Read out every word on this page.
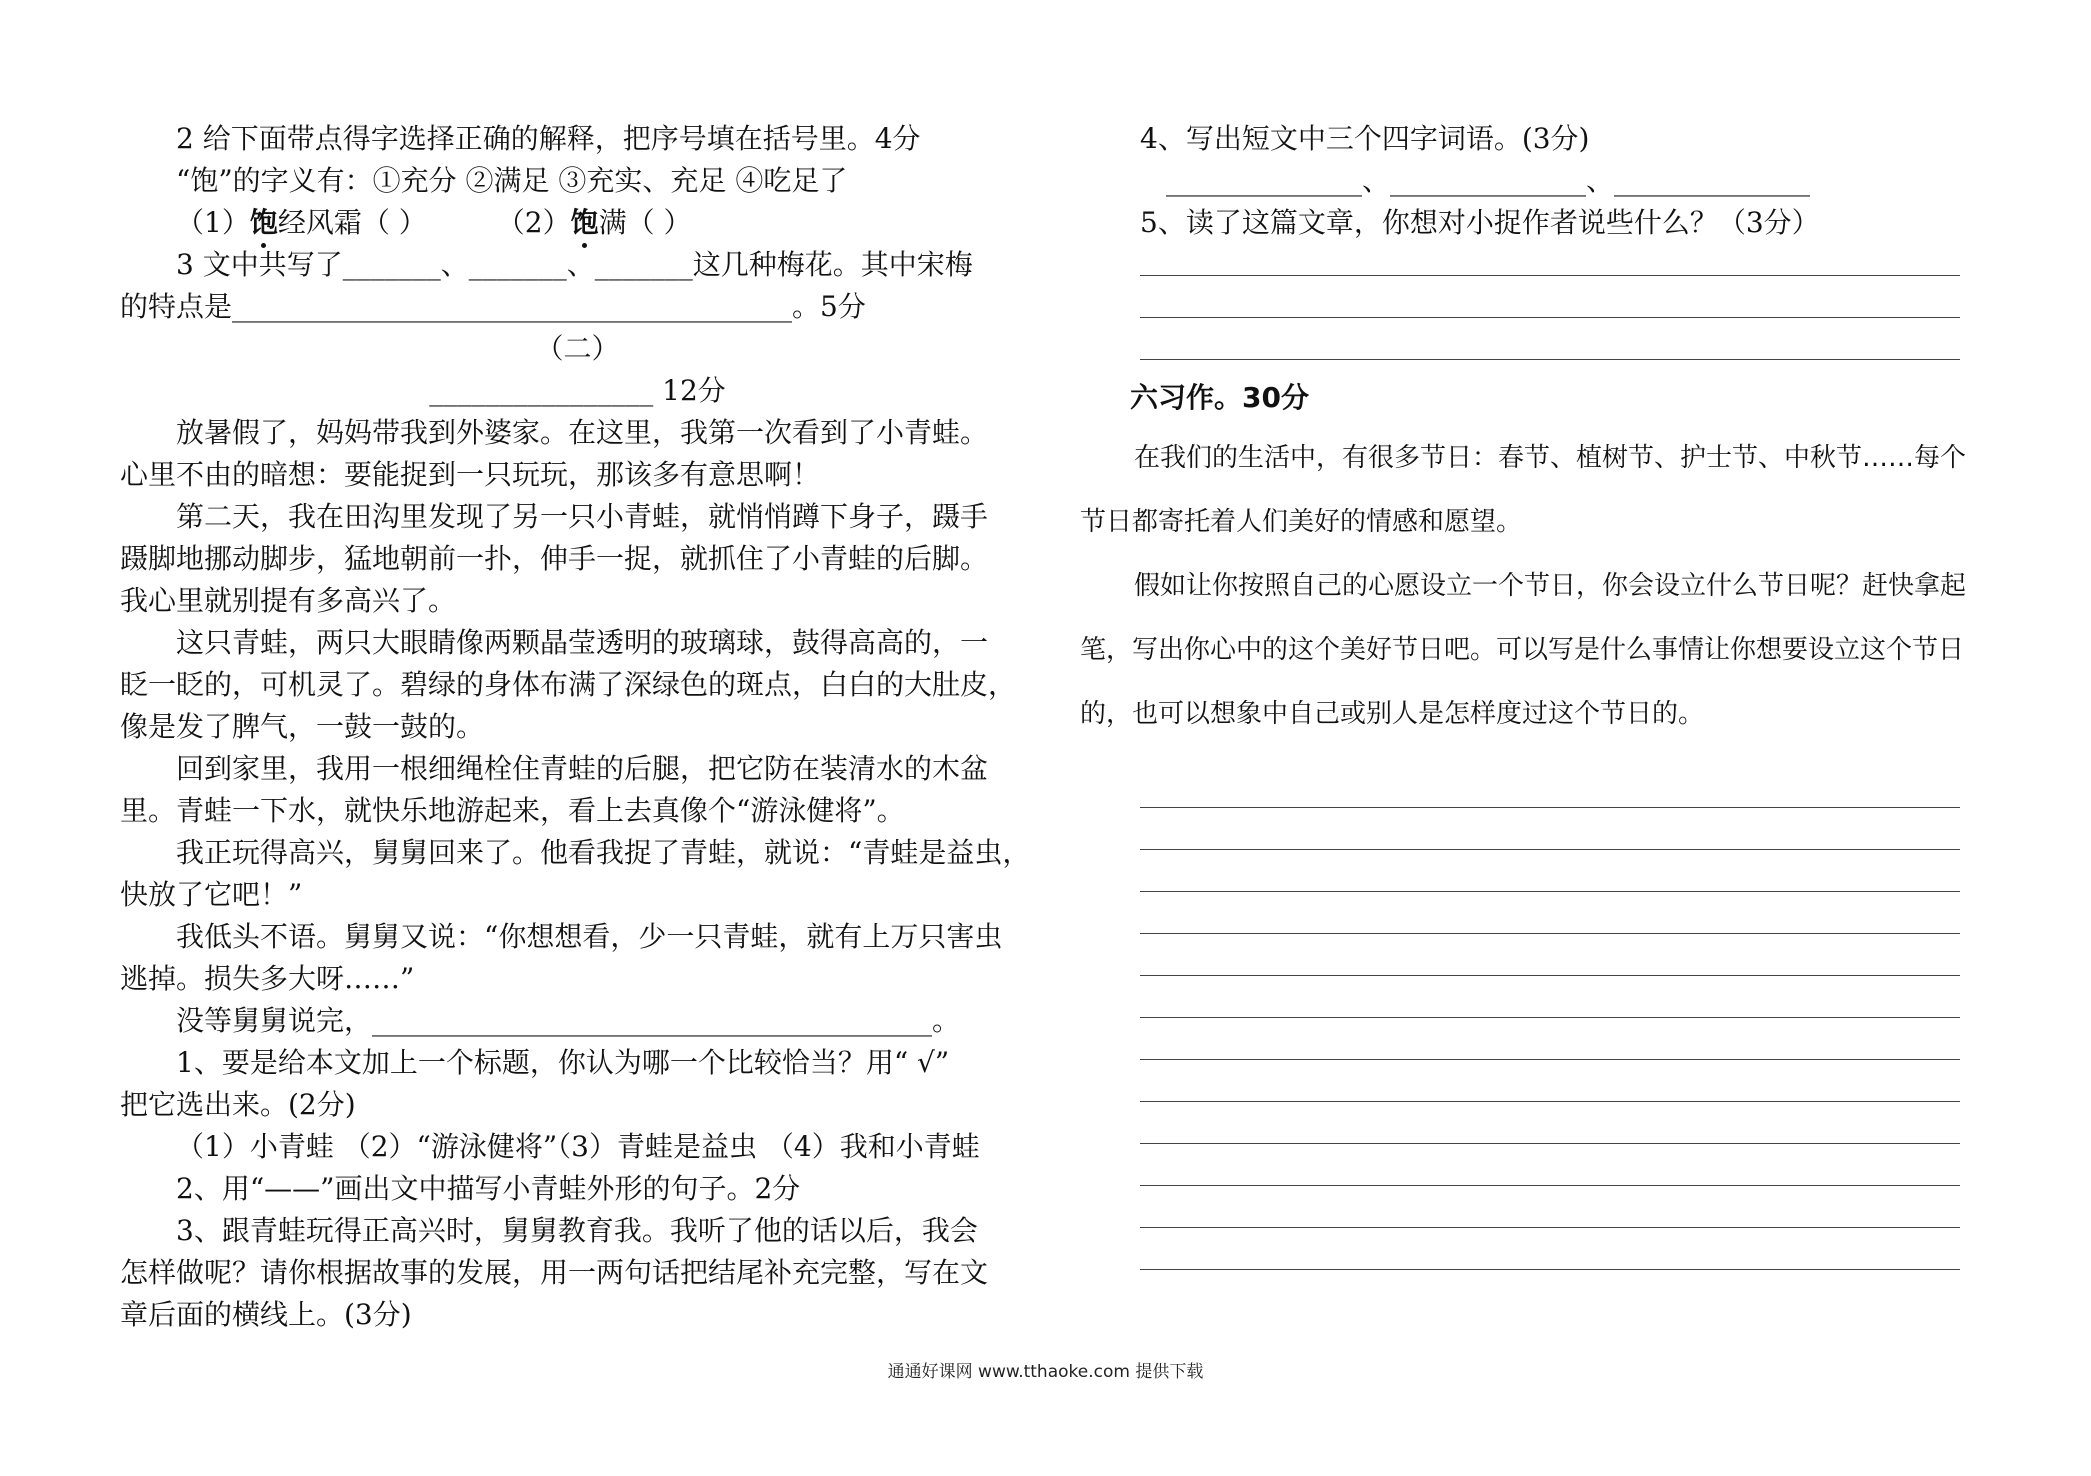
2 给下面带点得字选择正确的解释，把序号填在括号里。4分
“饱”的字义有：①充分 ②满足 ③充实、充足 ④吃足了
（1）饱经风霜（ ）	（2）饱满（ ）
3 文中共写了_______、_______、_______这几种梅花。其中宋梅
的特点是________________________________________。5分
（二）
________________ 12分
放暑假了，妈妈带我到外婆家。在这里，我第一次看到了小青蛙。
心里不由的暗想：要能捉到一只玩玩，那该多有意思啊！
第二天，我在田沟里发现了另一只小青蛙，就悄悄蹲下身子，蹑手
蹑脚地挪动脚步，猛地朝前一扑，伸手一捉，就抓住了小青蛙的后脚。
我心里就别提有多高兴了。
这只青蛙，两只大眼睛像两颗晶莹透明的玻璃球，鼓得高高的，一
眨一眨的，可机灵了。碧绿的身体布满了深绿色的斑点，白白的大肚皮，
像是发了脾气，一鼓一鼓的。
回到家里，我用一根细绳栓住青蛙的后腿，把它防在装清水的木盆
里。青蛙一下水，就快乐地游起来，看上去真像个“游泳健将”。
我正玩得高兴，舅舅回来了。他看我捉了青蛙，就说：“青蛙是益虫，
快放了它吧！”
我低头不语。舅舅又说：“你想想看，少一只青蛙，就有上万只害虫
逃掉。损失多大呀……”
没等舅舅说完，________________________________________。
1、要是给本文加上一个标题，你认为哪一个比较恰当？用“ √”
把它选出来。(2分)
（1）小青蛙 （2）“游泳健将”（3）青蛙是益虫 （4）我和小青蛙
2、用“——”画出文中描写小青蛙外形的句子。2分
3、跟青蛙玩得正高兴时，舅舅教育我。我听了他的话以后，我会
怎样做呢？请你根据故事的发展，用一两句话把结尾补充完整，写在文
章后面的横线上。(3分)
4、写出短文中三个四字词语。(3分)
______________、______________、______________
5、读了这篇文章，你想对小捉作者说些什么？（3分）
六习作。30分

在我们的生活中，有很多节日：春节、植树节、护士节、中秋节……每个节日都寄托着人们美好的情感和愿望。

假如让你按照自己的心愿设立一个节日，你会设立什么节日呢？赶快拿起笔，写出你心中的这个美好节日吧。可以写是什么事情让你想要设立这个节日的，也可以想象中自己或别人是怎样度过这个节日的。

通通好课网 www.tthaoke.com 提供下载
